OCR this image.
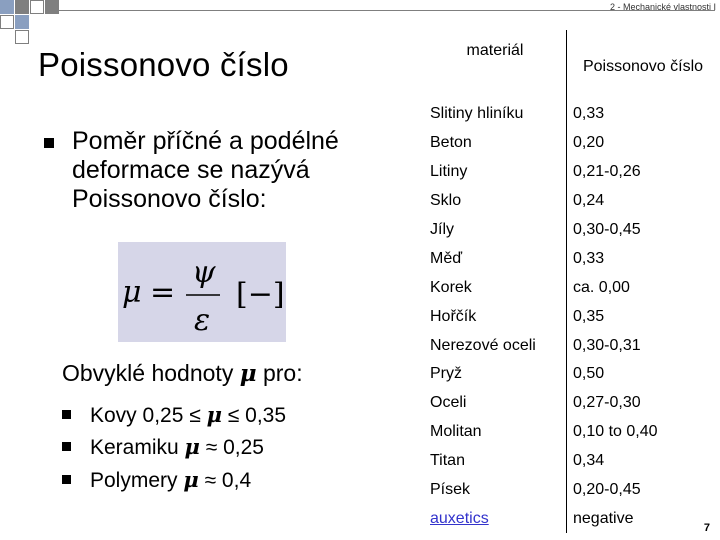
2 - Mechanické vlastnosti I
Poissonovo číslo
Poměr příčné a podélné deformace se nazývá Poissonovo číslo:
μ =
ψ
ε
[−]
Obvyklé hodnoty μ pro:
Kovy 0,25 ≤ μ ≤ 0,35
Keramiku μ ≈ 0,25
Polymery μ ≈ 0,4
materiál	Poissonovo číslo
Slitiny hliníku	0,33
Beton	0,20
Litiny	0,21-0,26
Sklo	0,24
Jíly	0,30-0,45
Měď	0,33
Korek	ca. 0,00
Hořčík	0,35
Nerezové oceli	0,30-0,31
Pryž	0,50
Oceli	0,27-0,30
Molitan	0,10 to 0,40
Titan	0,34
Písek	0,20-0,45
auxetics	negative
7
